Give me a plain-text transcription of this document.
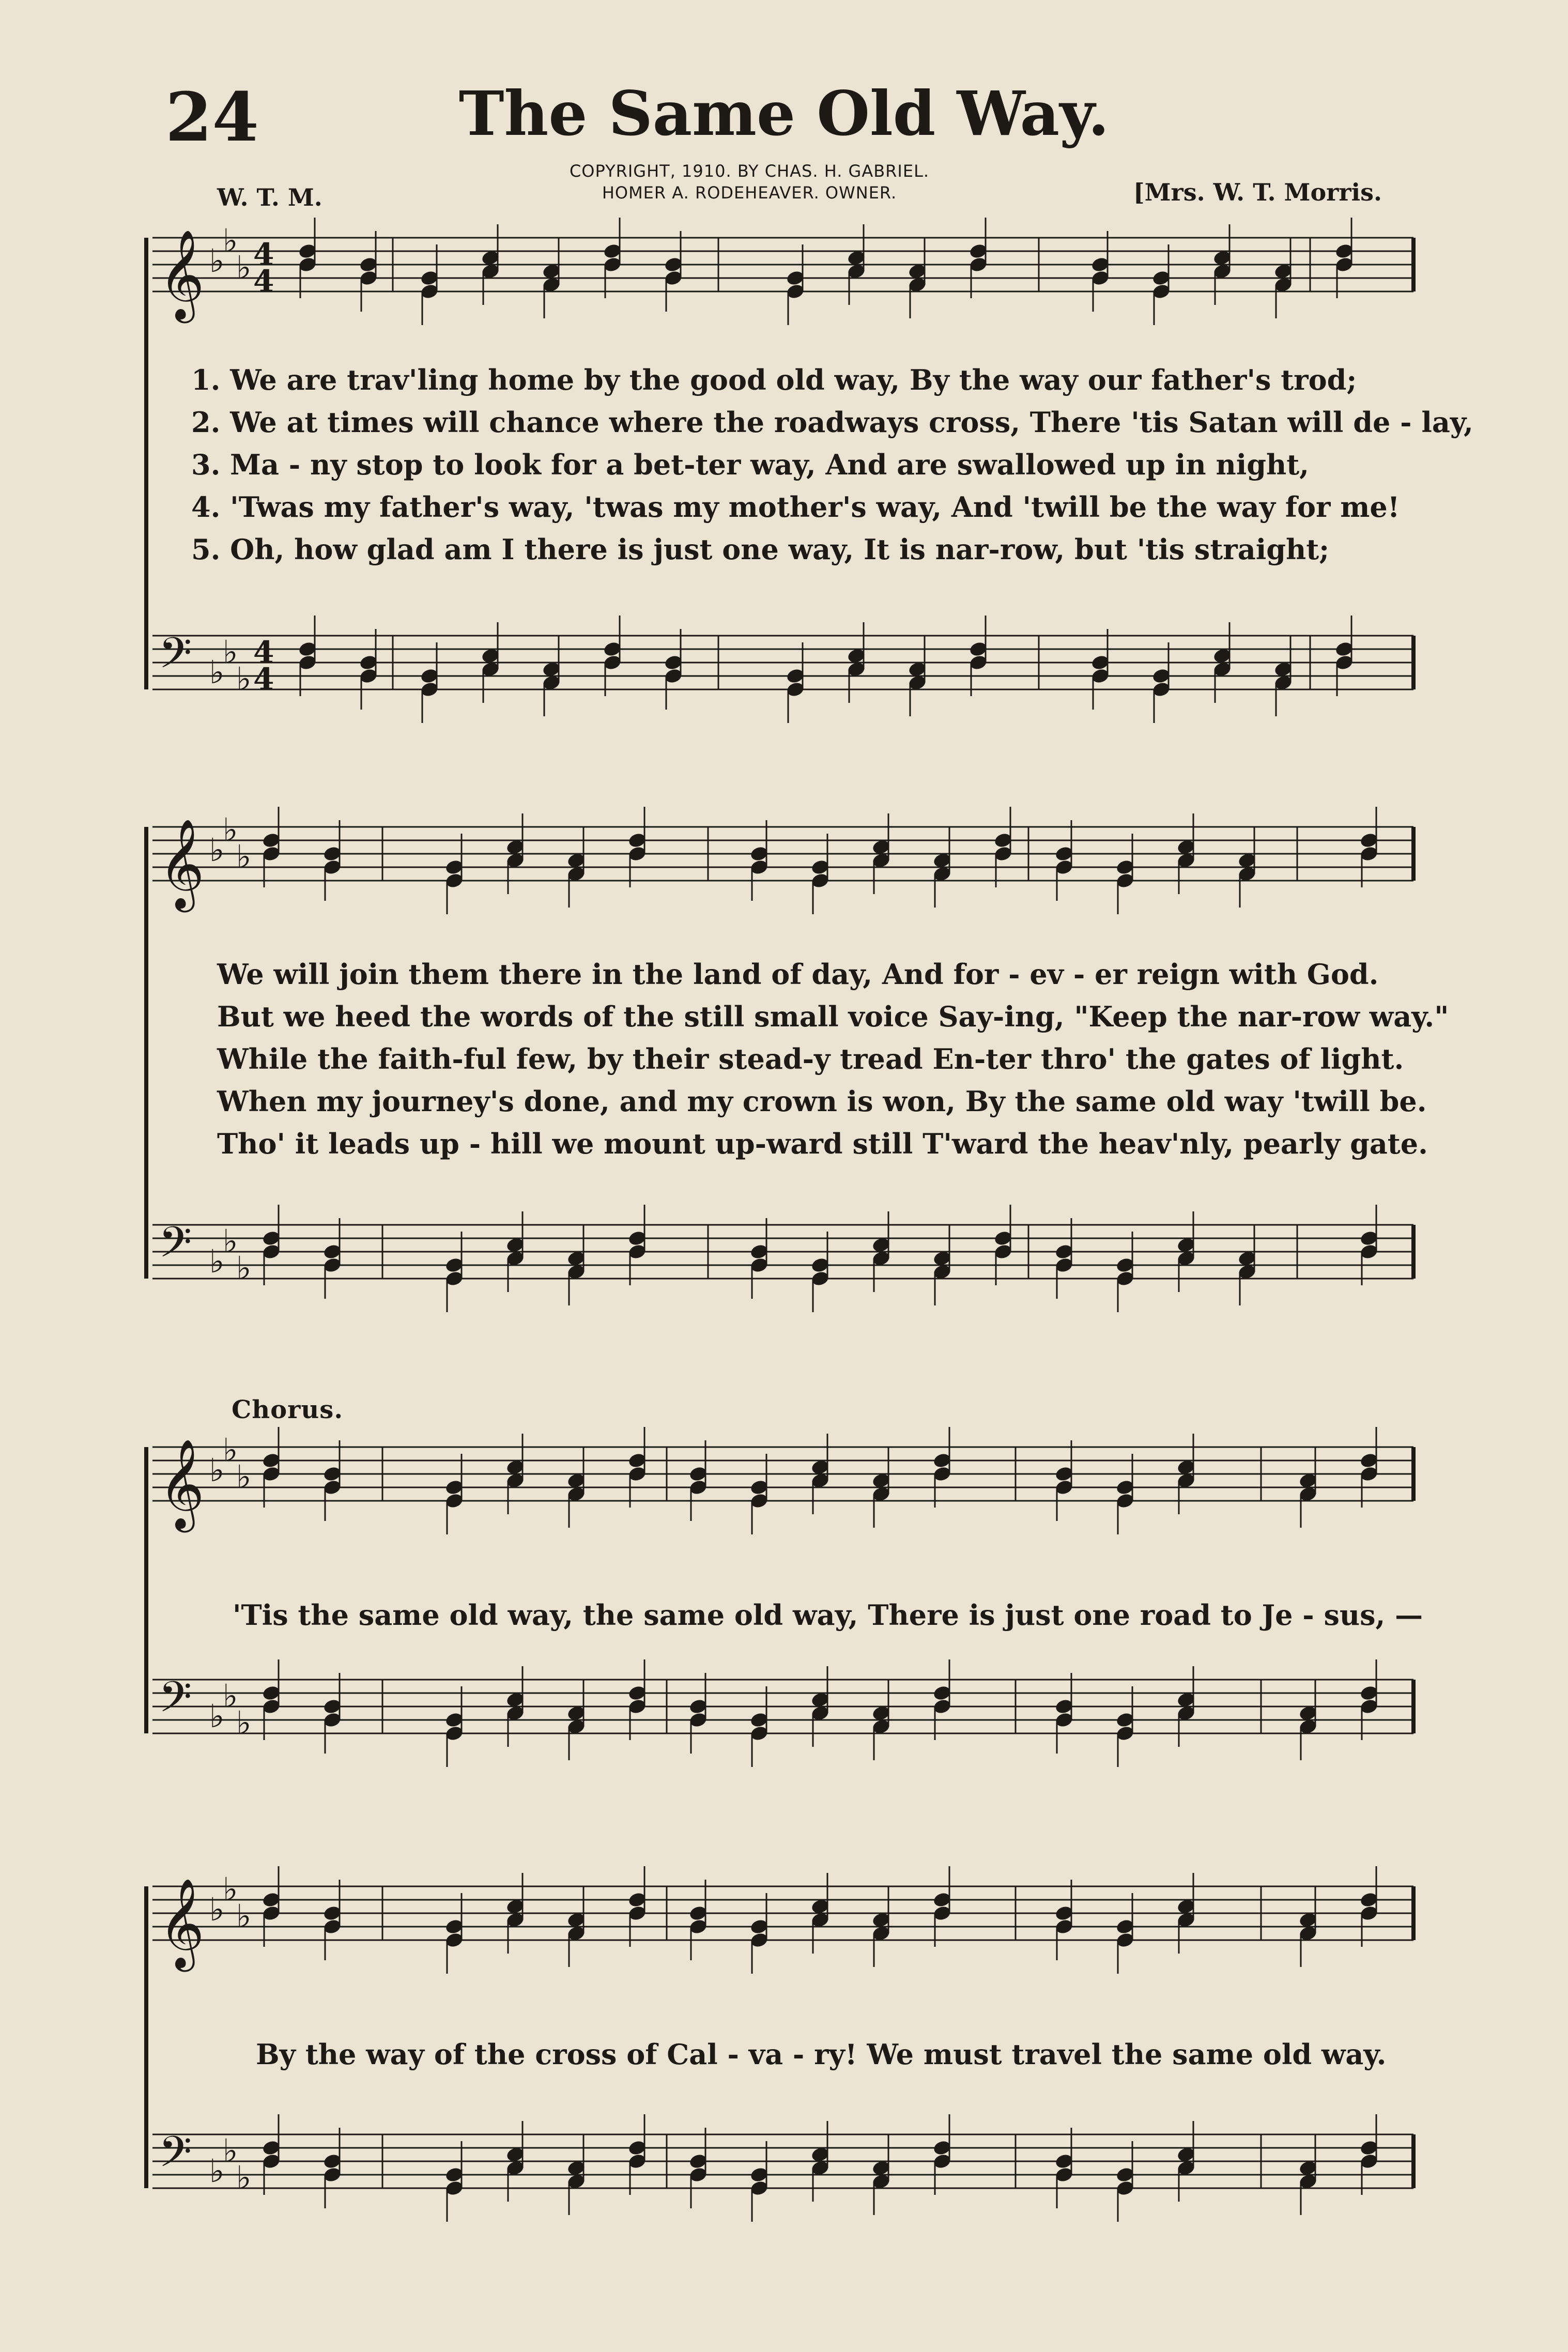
24	The Same Old Way.
COPYRIGHT, 1910. BY CHAS. H. GABRIEL.
HOMER A. RODEHEAVER. OWNER.
W. T. M.	[Mrs. W. T. Morris.
𝄞 ♭
♭
♭ 4
4
𝄢 ♭
♭
♭
4
4
𝄞 ♭
♭
♭
𝄢 ♭
♭
♭
𝄞 ♭
♭
♭
𝄢 ♭
♭
♭
𝄞 ♭
♭
♭
𝄢 ♭
♭
♭
1. We are trav'ling home by the good old way, By the way our father's trod;
2. We at times will chance where the roadways cross, There 'tis Satan will de - lay,
3. Ma - ny stop to look for a bet-ter way, And are swallowed up in night,
4. 'Twas my father's way, 'twas my mother's way, And 'twill be the way for me!
5. Oh, how glad am I there is just one way, It is nar-row, but 'tis straight;
We will join them there in the land of day, And for - ev - er reign with God.
But we heed the words of the still small voice Say-ing, "Keep the nar-row way."
While the faith-ful few, by their stead-y tread En-ter thro' the gates of light.
When my journey's done, and my crown is won, By the same old way 'twill be.
Tho' it leads up - hill we mount up-ward still T'ward the heav'nly, pearly gate.
Chorus.
'Tis the same old way, the same old way, There is just one road to Je - sus, —
By the way of the cross of Cal - va - ry! We must travel the same old way.
